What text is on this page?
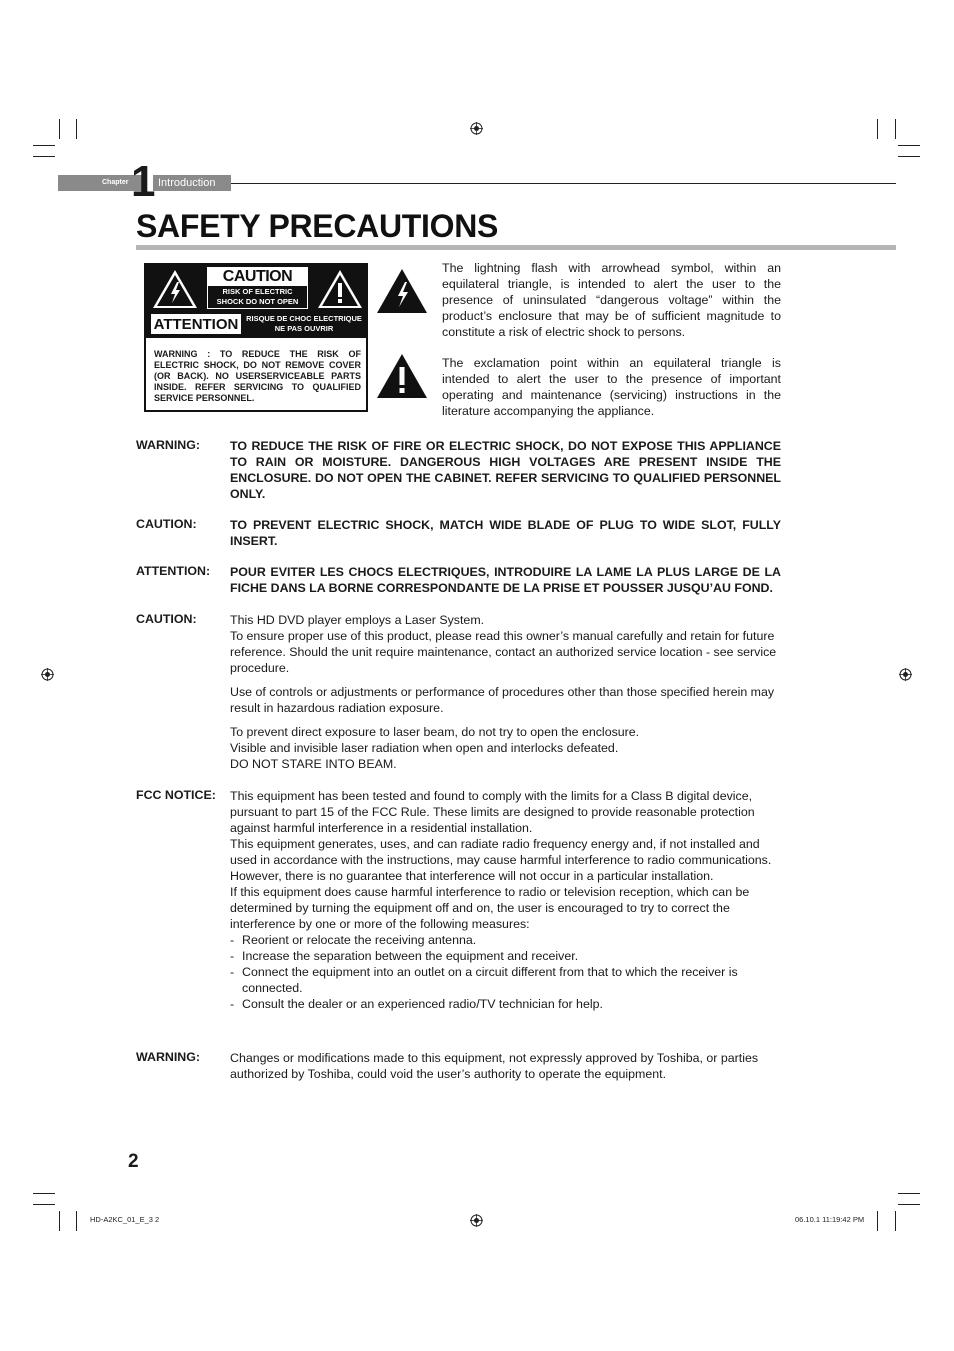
Chapter 1 Introduction
SAFETY PRECAUTIONS
CAUTION
RISK OF ELECTRIC SHOCK DO NOT OPEN
ATTENTION	RISQUE DE CHOC ELECTRIQUE NE PAS OUVRIR
WARNING : TO REDUCE THE RISK OF ELECTRIC SHOCK, DO NOT REMOVE COVER (OR BACK). NO USERSERVICEABLE PARTS INSIDE. REFER SERVICING TO QUALIFIED SERVICE PERSONNEL.
The lightning flash with arrowhead symbol, within an equilateral triangle, is intended to alert the user to the presence of uninsulated “dangerous voltage” within the product’s enclosure that may be of sufficient magnitude to constitute a risk of electric shock to persons.
The exclamation point within an equilateral triangle is intended to alert the user to the presence of important operating and maintenance (servicing) instructions in the literature accompanying the appliance.
WARNING: TO REDUCE THE RISK OF FIRE OR ELECTRIC SHOCK, DO NOT EXPOSE THIS APPLIANCE TO RAIN OR MOISTURE. DANGEROUS HIGH VOLTAGES ARE PRESENT INSIDE THE ENCLOSURE. DO NOT OPEN THE CABINET. REFER SERVICING TO QUALIFIED PERSONNEL ONLY.
CAUTION:	TO PREVENT ELECTRIC SHOCK, MATCH WIDE BLADE OF PLUG TO WIDE SLOT, FULLY INSERT.
ATTENTION: POUR EVITER LES CHOCS ELECTRIQUES, INTRODUIRE LA LAME LA PLUS LARGE DE LA FICHE DANS LA BORNE CORRESPONDANTE DE LA PRISE ET POUSSER JUSQU’AU FOND.
CAUTION:	This HD DVD player employs a Laser System.

To ensure proper use of this product, please read this owner’s manual carefully and retain for future reference. Should the unit require maintenance, contact an authorized service location - see service procedure.

Use of controls or adjustments or performance of procedures other than those specified herein may result in hazardous radiation exposure.

To prevent direct exposure to laser beam, do not try to open the enclosure.

Visible and invisible laser radiation when open and interlocks defeated.

DO NOT STARE INTO BEAM.

FCC NOTICE: This equipment has been tested and found to comply with the limits for a Class B digital device, pursuant to part 15 of the FCC Rule. These limits are designed to provide reasonable protection against harmful interference in a residential installation.

This equipment generates, uses, and can radiate radio frequency energy and, if not installed and used in accordance with the instructions, may cause harmful interference to radio communications.

However, there is no guarantee that interference will not occur in a particular installation.

If this equipment does cause harmful interference to radio or television reception, which can be determined by turning the equipment off and on, the user is encouraged to try to correct the interference by one or more of the following measures:

- Reorient or relocate the receiving antenna.
- Increase the separation between the equipment and receiver.
- Connect the equipment into an outlet on a circuit different from that to which the receiver is connected.
- Consult the dealer or an experienced radio/TV technician for help.
WARNING: Changes or modifications made to this equipment, not expressly approved by Toshiba, or parties authorized by Toshiba, could void the user’s authority to operate the equipment.
2
HD-A2KC_01_E_3 2	06.10.1 11:19:42 PM
